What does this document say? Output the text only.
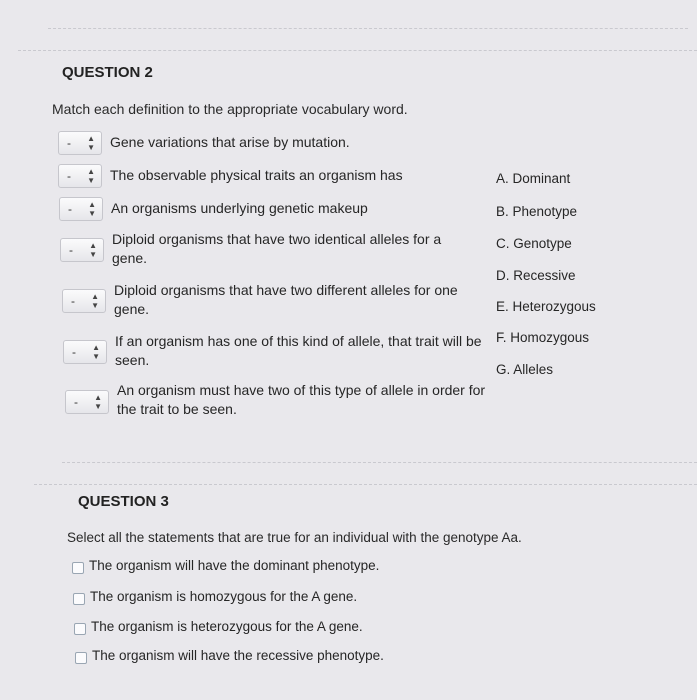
QUESTION 2
Match each definition to the appropriate vocabulary word.
- ▲
▼ Gene variations that arise by mutation.
- ▲
▼ The observable physical traits an organism has
- ▲
▼ An organisms underlying genetic makeup
- ▲
▼
Diploid organisms that have two identical alleles for a gene.
- ▲
▼
Diploid organisms that have two different alleles for one gene.
- ▲
▼
If an organism has one of this kind of allele, that trait will be seen.
- ▲
▼
An organism must have two of this type of allele in order for the trait to be seen.
A. Dominant
B. Phenotype
C. Genotype
D. Recessive
E. Heterozygous
F. Homozygous
G. Alleles
QUESTION 3
Select all the statements that are true for an individual with the genotype Aa.
The organism will have the dominant phenotype.
The organism is homozygous for the A gene.
The organism is heterozygous for the A gene.
The organism will have the recessive phenotype.
